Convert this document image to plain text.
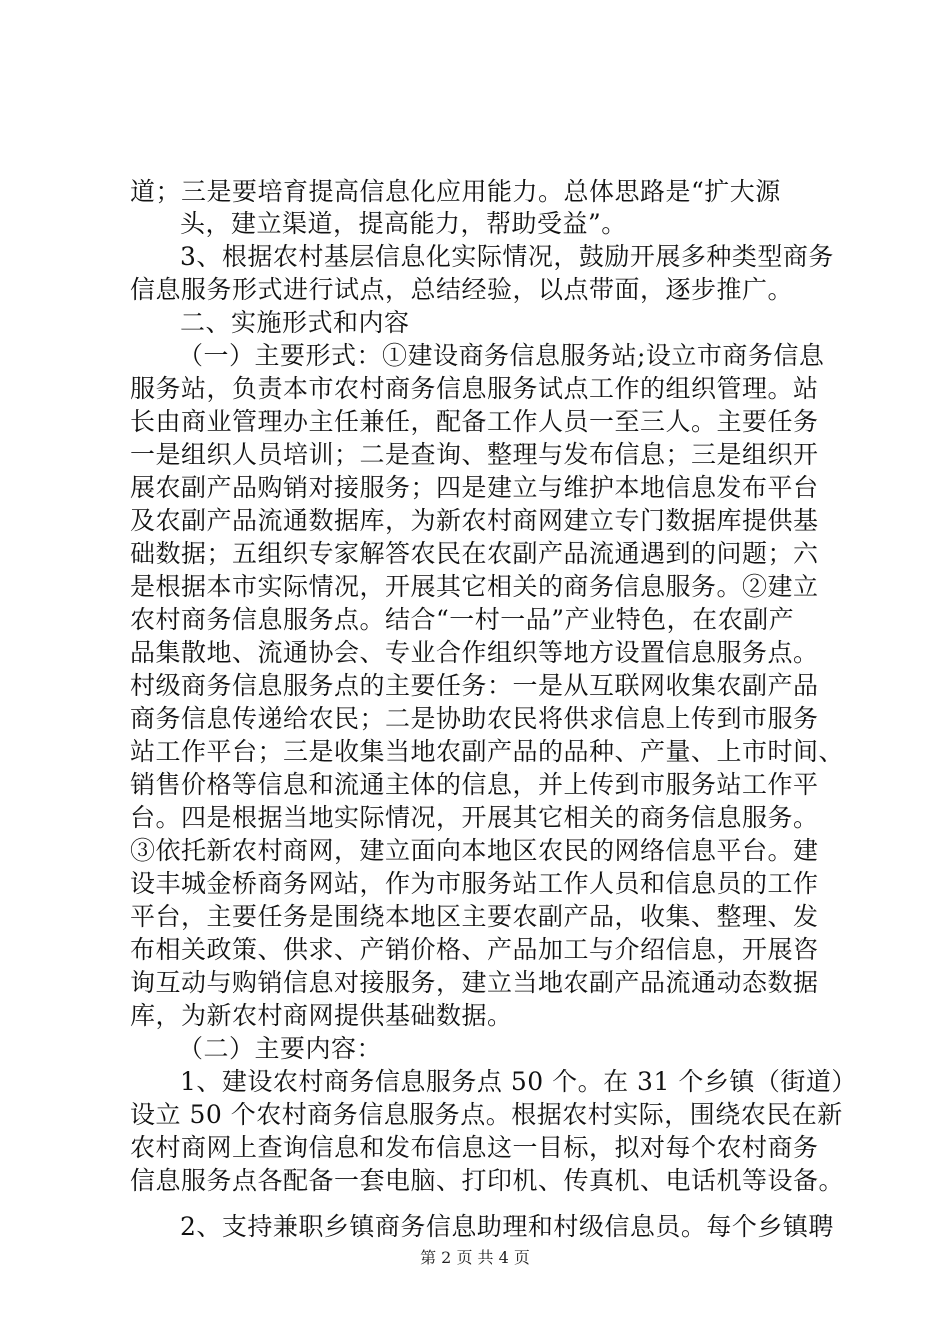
道；三是要培育提高信息化应用能力。总体思路是“扩大源
头，建立渠道，提高能力，帮助受益”。
3、根据农村基层信息化实际情况，鼓励开展多种类型商务
信息服务形式进行试点，总结经验，以点带面，逐步推广。
二、实施形式和内容
（一）主要形式：①建设商务信息服务站;设立市商务信息
服务站，负责本市农村商务信息服务试点工作的组织管理。站
长由商业管理办主任兼任，配备工作人员一至三人。主要任务
一是组织人员培训；二是查询、整理与发布信息；三是组织开
展农副产品购销对接服务；四是建立与维护本地信息发布平台
及农副产品流通数据库，为新农村商网建立专门数据库提供基
础数据；五组织专家解答农民在农副产品流通遇到的问题；六
是根据本市实际情况，开展其它相关的商务信息服务。②建立
农村商务信息服务点。结合“一村一品”产业特色，在农副产
品集散地、流通协会、专业合作组织等地方设置信息服务点。
村级商务信息服务点的主要任务：一是从互联网收集农副产品
商务信息传递给农民；二是协助农民将供求信息上传到市服务
站工作平台；三是收集当地农副产品的品种、产量、上市时间、
销售价格等信息和流通主体的信息，并上传到市服务站工作平
台。四是根据当地实际情况，开展其它相关的商务信息服务。
③依托新农村商网，建立面向本地区农民的网络信息平台。建
设丰城金桥商务网站，作为市服务站工作人员和信息员的工作
平台，主要任务是围绕本地区主要农副产品，收集、整理、发
布相关政策、供求、产销价格、产品加工与介绍信息，开展咨
询互动与购销信息对接服务，建立当地农副产品流通动态数据
库，为新农村商网提供基础数据。
（二）主要内容：
1、建设农村商务信息服务点 50 个。在 31 个乡镇（街道）
设立 50 个农村商务信息服务点。根据农村实际，围绕农民在新
农村商网上查询信息和发布信息这一目标，拟对每个农村商务
信息服务点各配备一套电脑、打印机、传真机、电话机等设备。
2、支持兼职乡镇商务信息助理和村级信息员。每个乡镇聘
第 2 页 共 4 页
